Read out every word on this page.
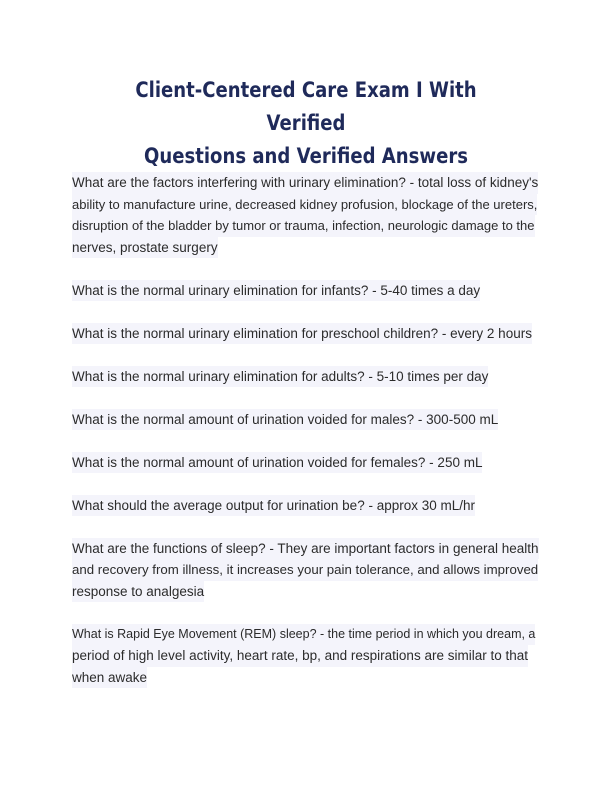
Client-Centered Care Exam I With Verified
Questions and Verified Answers
What are the factors interfering with urinary elimination? - total loss of kidney's
ability to manufacture urine, decreased kidney profusion, blockage of the ureters,
disruption of the bladder by tumor or trauma, infection, neurologic damage to the
nerves, prostate surgery
What is the normal urinary elimination for infants? - 5-40 times a day
What is the normal urinary elimination for preschool children? - every 2 hours
What is the normal urinary elimination for adults? - 5-10 times per day
What is the normal amount of urination voided for males? - 300-500 mL
What is the normal amount of urination voided for females? - 250 mL
What should the average output for urination be? - approx 30 mL/hr
What are the functions of sleep? - They are important factors in general health
and recovery from illness, it increases your pain tolerance, and allows improved
response to analgesia
What is Rapid Eye Movement (REM) sleep? - the time period in which you dream, a
period of high level activity, heart rate, bp, and respirations are similar to that
when awake
